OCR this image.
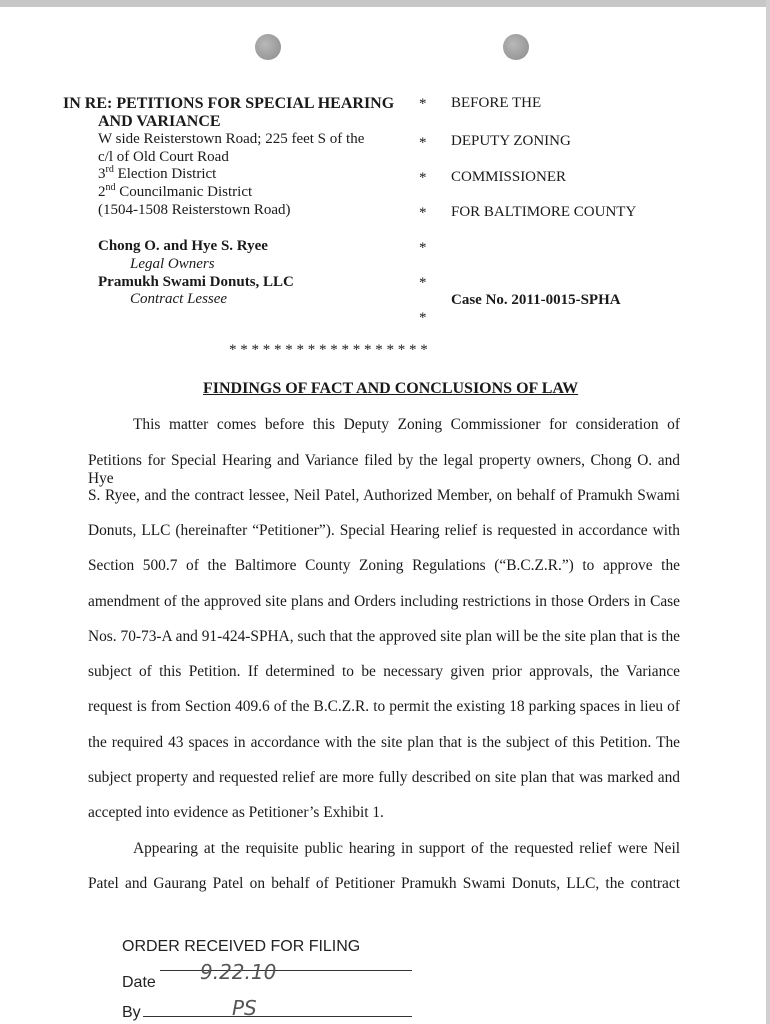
IN RE: PETITIONS FOR SPECIAL HEARING
AND VARIANCE
W side Reisterstown Road; 225 feet S of the
c/l of Old Court Road
3rd Election District
2nd Councilmanic District
(1504-1508 Reisterstown Road)
Chong O. and Hye S. Ryee
Legal Owners
Pramukh Swami Donuts, LLC
Contract Lessee
*
*
*
*
*
*
*
BEFORE THE
DEPUTY ZONING
COMMISSIONER
FOR BALTIMORE COUNTY
Case No. 2011-0015-SPHA
* * * * * * * * * * * * * * * * * *
FINDINGS OF FACT AND CONCLUSIONS OF LAW

This matter comes before this Deputy Zoning Commissioner for consideration of

Petitions for Special Hearing and Variance filed by the legal property owners, Chong O. and Hye

S. Ryee, and the contract lessee, Neil Patel, Authorized Member, on behalf of Pramukh Swami

Donuts, LLC (hereinafter “Petitioner”). Special Hearing relief is requested in accordance with

Section 500.7 of the Baltimore County Zoning Regulations (“B.C.Z.R.”) to approve the

amendment of the approved site plans and Orders including restrictions in those Orders in Case

Nos. 70-73-A and 91-424-SPHA, such that the approved site plan will be the site plan that is the

subject of this Petition. If determined to be necessary given prior approvals, the Variance

request is from Section 409.6 of the B.C.Z.R. to permit the existing 18 parking spaces in lieu of

the required 43 spaces in accordance with the site plan that is the subject of this Petition. The

subject property and requested relief are more fully described on site plan that was marked and

accepted into evidence as Petitioner’s Exhibit 1.

Appearing at the requisite public hearing in support of the requested relief were Neil

Patel and Gaurang Patel on behalf of Petitioner Pramukh Swami Donuts, LLC, the contract

ORDER RECEIVED FOR FILING
Date 9.22.10
By	PS
